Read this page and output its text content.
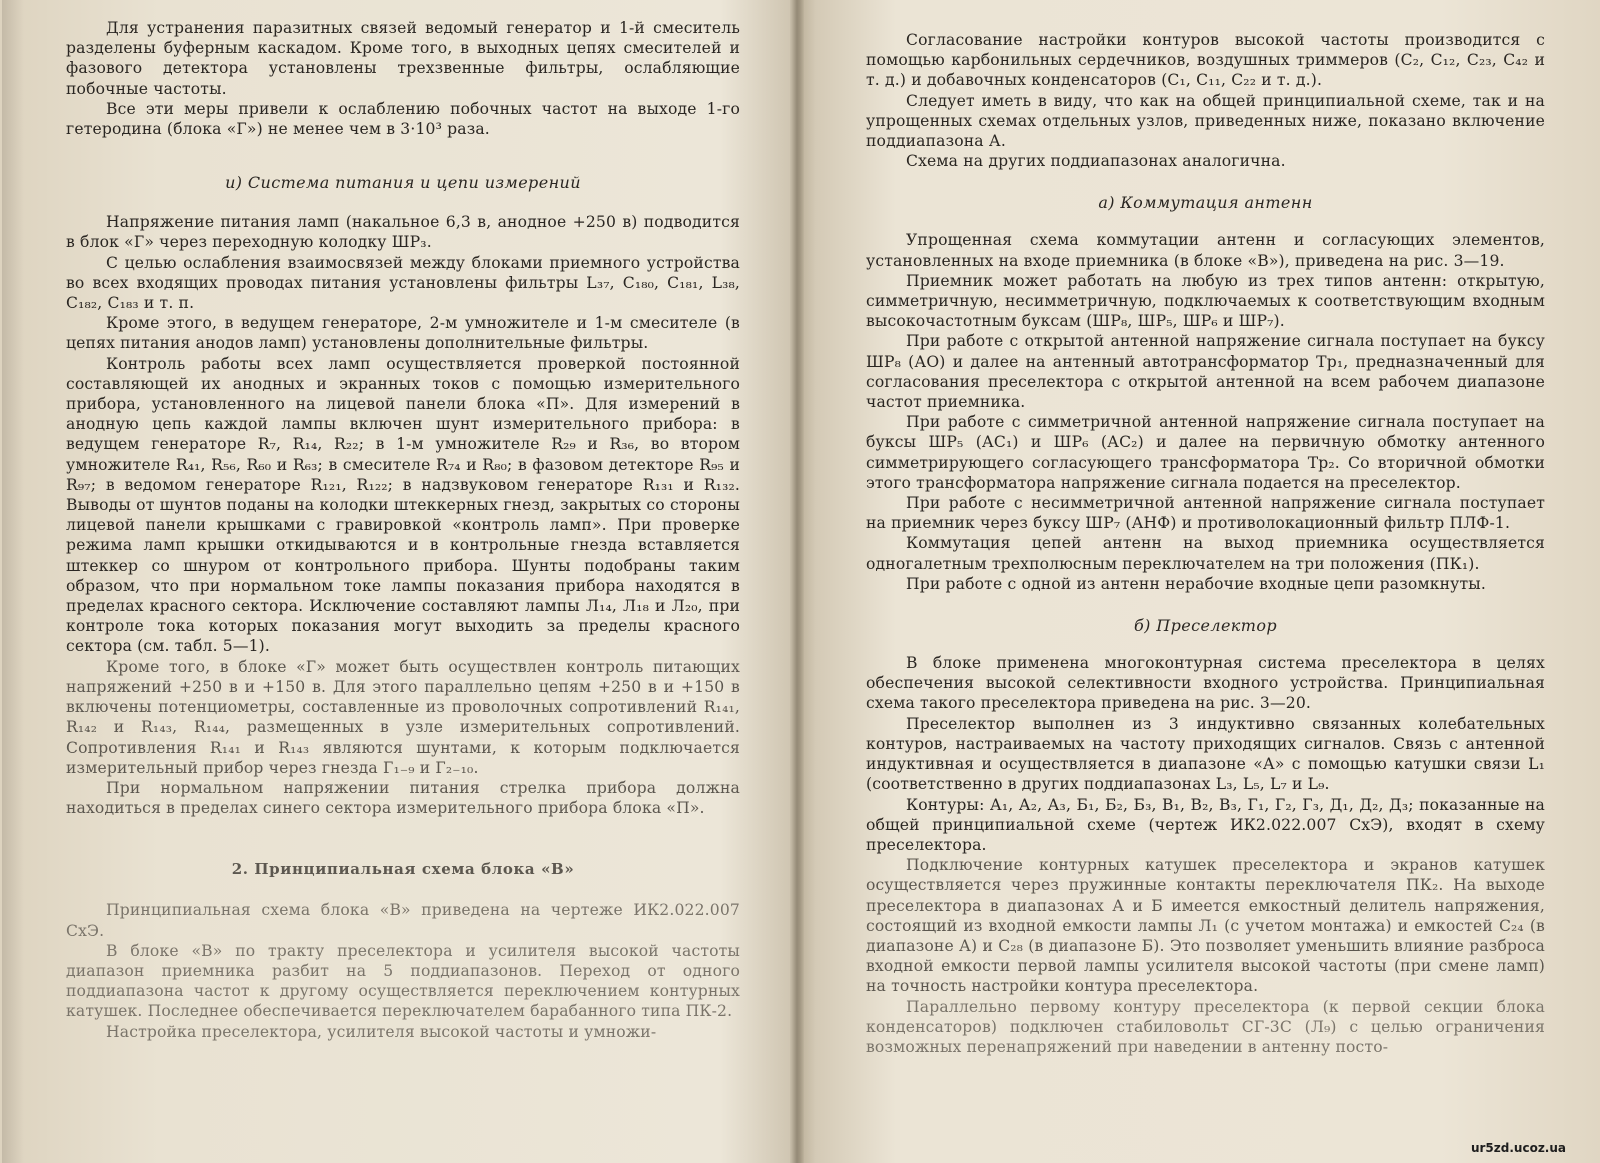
Для устранения паразитных связей ведомый генератор и 1-й смеситель разделены буферным каскадом. Кроме того, в выходных цепях смесителей и фазового детектора установлены трехзвенные фильтры, ослабляющие побочные частоты.

Все эти меры привели к ослаблению побочных частот на выходе 1-го гетеродина (блока «Г») не менее чем в 3·10³ раза.

и) Система питания и цепи измерений

Напряжение питания ламп (накальное 6,3 в, анодное +250 в) подводится в блок «Г» через переходную колодку ШР₃.

С целью ослабления взаимосвязей между блоками приемного устройства во всех входящих проводах питания установлены фильтры L₃₇, C₁₈₀, C₁₈₁, L₃₈, C₁₈₂, C₁₈₃ и т. п.

Кроме этого, в ведущем генераторе, 2-м умножителе и 1-м смесителе (в цепях питания анодов ламп) установлены дополнительные фильтры.

Контроль работы всех ламп осуществляется проверкой постоянной составляющей их анодных и экранных токов с помощью измерительного прибора, установленного на лицевой панели блока «П». Для измерений в анодную цепь каждой лампы включен шунт измерительного прибора: в ведущем генераторе R₇, R₁₄, R₂₂; в 1-м умножителе R₂₉ и R₃₆, во втором умножителе R₄₁, R₅₆, R₆₀ и R₆₃; в смесителе R₇₄ и R₈₀; в фазовом детекторе R₉₅ и R₉₇; в ведомом генераторе R₁₂₁, R₁₂₂; в надзвуковом генераторе R₁₃₁ и R₁₃₂. Выводы от шунтов поданы на колодки штеккерных гнезд, закрытых со стороны лицевой панели крышками с гравировкой «контроль ламп». При проверке режима ламп крышки откидываются и в контрольные гнезда вставляется штеккер со шнуром от контрольного прибора. Шунты подобраны таким образом, что при нормальном токе лампы показания прибора находятся в пределах красного сектора. Исключение составляют лампы Л₁₄, Л₁₈ и Л₂₀, при контроле тока которых показания могут выходить за пределы красного сектора (см. табл. 5—1).

Кроме того, в блоке «Г» может быть осуществлен контроль питающих напряжений +250 в и +150 в. Для этого параллельно цепям +250 в и +150 в включены потенциометры, составленные из проволочных сопротивлений R₁₄₁, R₁₄₂ и R₁₄₃, R₁₄₄, размещенных в узле измерительных сопротивлений. Сопротивления R₁₄₁ и R₁₄₃ являются шунтами, к которым подключается измерительный прибор через гнезда Г₁₋₉ и Г₂₋₁₀.

При нормальном напряжении питания стрелка прибора должна находиться в пределах синего сектора измерительного прибора блока «П».

2. Принципиальная схема блока «В»

Принципиальная схема блока «В» приведена на чертеже ИК2.022.007 СхЭ.

В блоке «В» по тракту преселектора и усилителя высокой частоты диапазон приемника разбит на 5 поддиапазонов. Переход от одного поддиапазона частот к другому осуществляется переключением контурных катушек. Последнее обеспечивается переключателем барабанного типа ПК-2.

Настройка преселектора, усилителя высокой частоты и умножи-

Согласование настройки контуров высокой частоты производится с помощью карбонильных сердечников, воздушных триммеров (C₂, C₁₂, C₂₃, C₄₂ и т. д.) и добавочных конденсаторов (C₁, C₁₁, C₂₂ и т. д.).

Следует иметь в виду, что как на общей принципиальной схеме, так и на упрощенных схемах отдельных узлов, приведенных ниже, показано включение поддиапазона А.

Схема на других поддиапазонах аналогична.

а) Коммутация антенн

Упрощенная схема коммутации антенн и согласующих элементов, установленных на входе приемника (в блоке «В»), приведена на рис. 3—19.

Приемник может работать на любую из трех типов антенн: открытую, симметричную, несимметричную, подключаемых к соответствующим входным высокочастотным буксам (ШР₈, ШР₅, ШР₆ и ШР₇).

При работе с открытой антенной напряжение сигнала поступает на буксу ШР₈ (АО) и далее на антенный автотрансформатор Тр₁, предназначенный для согласования преселектора с открытой антенной на всем рабочем диапазоне частот приемника.

При работе с симметричной антенной напряжение сигнала поступает на буксы ШР₅ (АС₁) и ШР₆ (АС₂) и далее на первичную обмотку антенного симметрирующего согласующего трансформатора Тр₂. Со вторичной обмотки этого трансформатора напряжение сигнала подается на преселектор.

При работе с несимметричной антенной напряжение сигнала поступает на приемник через буксу ШР₇ (АНФ) и противолокационный фильтр ПЛФ-1.

Коммутация цепей антенн на выход приемника осуществляется одногалетным трехполюсным переключателем на три положения (ПК₁).

При работе с одной из антенн нерабочие входные цепи разомкнуты.

б) Преселектор

В блоке применена многоконтурная система преселектора в целях обеспечения высокой селективности входного устройства. Принципиальная схема такого преселектора приведена на рис. 3—20.

Преселектор выполнен из 3 индуктивно связанных колебательных контуров, настраиваемых на частоту приходящих сигналов. Связь с антенной индуктивная и осуществляется в диапазоне «А» с помощью катушки связи L₁ (соответственно в других поддиапазонах L₃, L₅, L₇ и L₉.

Контуры: А₁, А₂, А₃, Б₁, Б₂, Б₃, В₁, В₂, В₃, Г₁, Г₂, Г₃, Д₁, Д₂, Д₃; показанные на общей принципиальной схеме (чертеж ИК2.022.007 СхЭ), входят в схему преселектора.

Подключение контурных катушек преселектора и экранов катушек осуществляется через пружинные контакты переключателя ПК₂. На выходе преселектора в диапазонах А и Б имеется емкостный делитель напряжения, состоящий из входной емкости лампы Л₁ (с учетом монтажа) и емкостей C₂₄ (в диапазоне А) и C₂₈ (в диапазоне Б). Это позволяет уменьшить влияние разброса входной емкости первой лампы усилителя высокой частоты (при смене ламп) на точность настройки контура преселектора.

Параллельно первому контуру преселектора (к первой секции блока конденсаторов) подключен стабиловольт СГ-3С (Л₉) с целью ограничения возможных перенапряжений при наведении в антенну посто-

ur5zd.ucoz.ua
